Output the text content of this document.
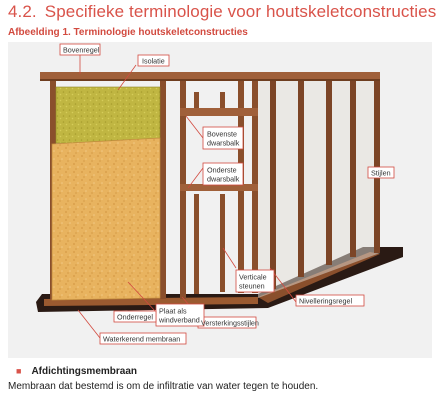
4.2. Specifieke terminologie voor houtskeletconstructies
Afbeelding 1. Terminologie houtskeletconstructies
Bovenregel
Isolatie
Bovenste
dwarsbalk
Onderste
dwarsbalk
Stijlen
Verticale
steunen
Nivelleringsregel
Versterkingsstijlen
Plaat als
windverband
Onderregel
Waterkerend membraan
■ Afdichtingsmembraan
Membraan dat bestemd is om de infiltratie van water tegen te houden.
